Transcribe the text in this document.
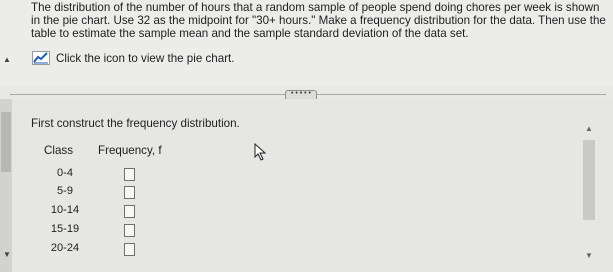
The distribution of the number of hours that a random sample of people spend doing chores per week is shown in the pie chart. Use 32 as the midpoint for "30+ hours." Make a frequency distribution for the data. Then use the table to estimate the sample mean and the sample standard deviation of the data set.

▲	Click the icon to view the pie chart.
• • • • •
▼
First construct the frequency distribution.
Class Frequency, f
0-4
5-9
10-14
15-19
20-24
▲
▼
